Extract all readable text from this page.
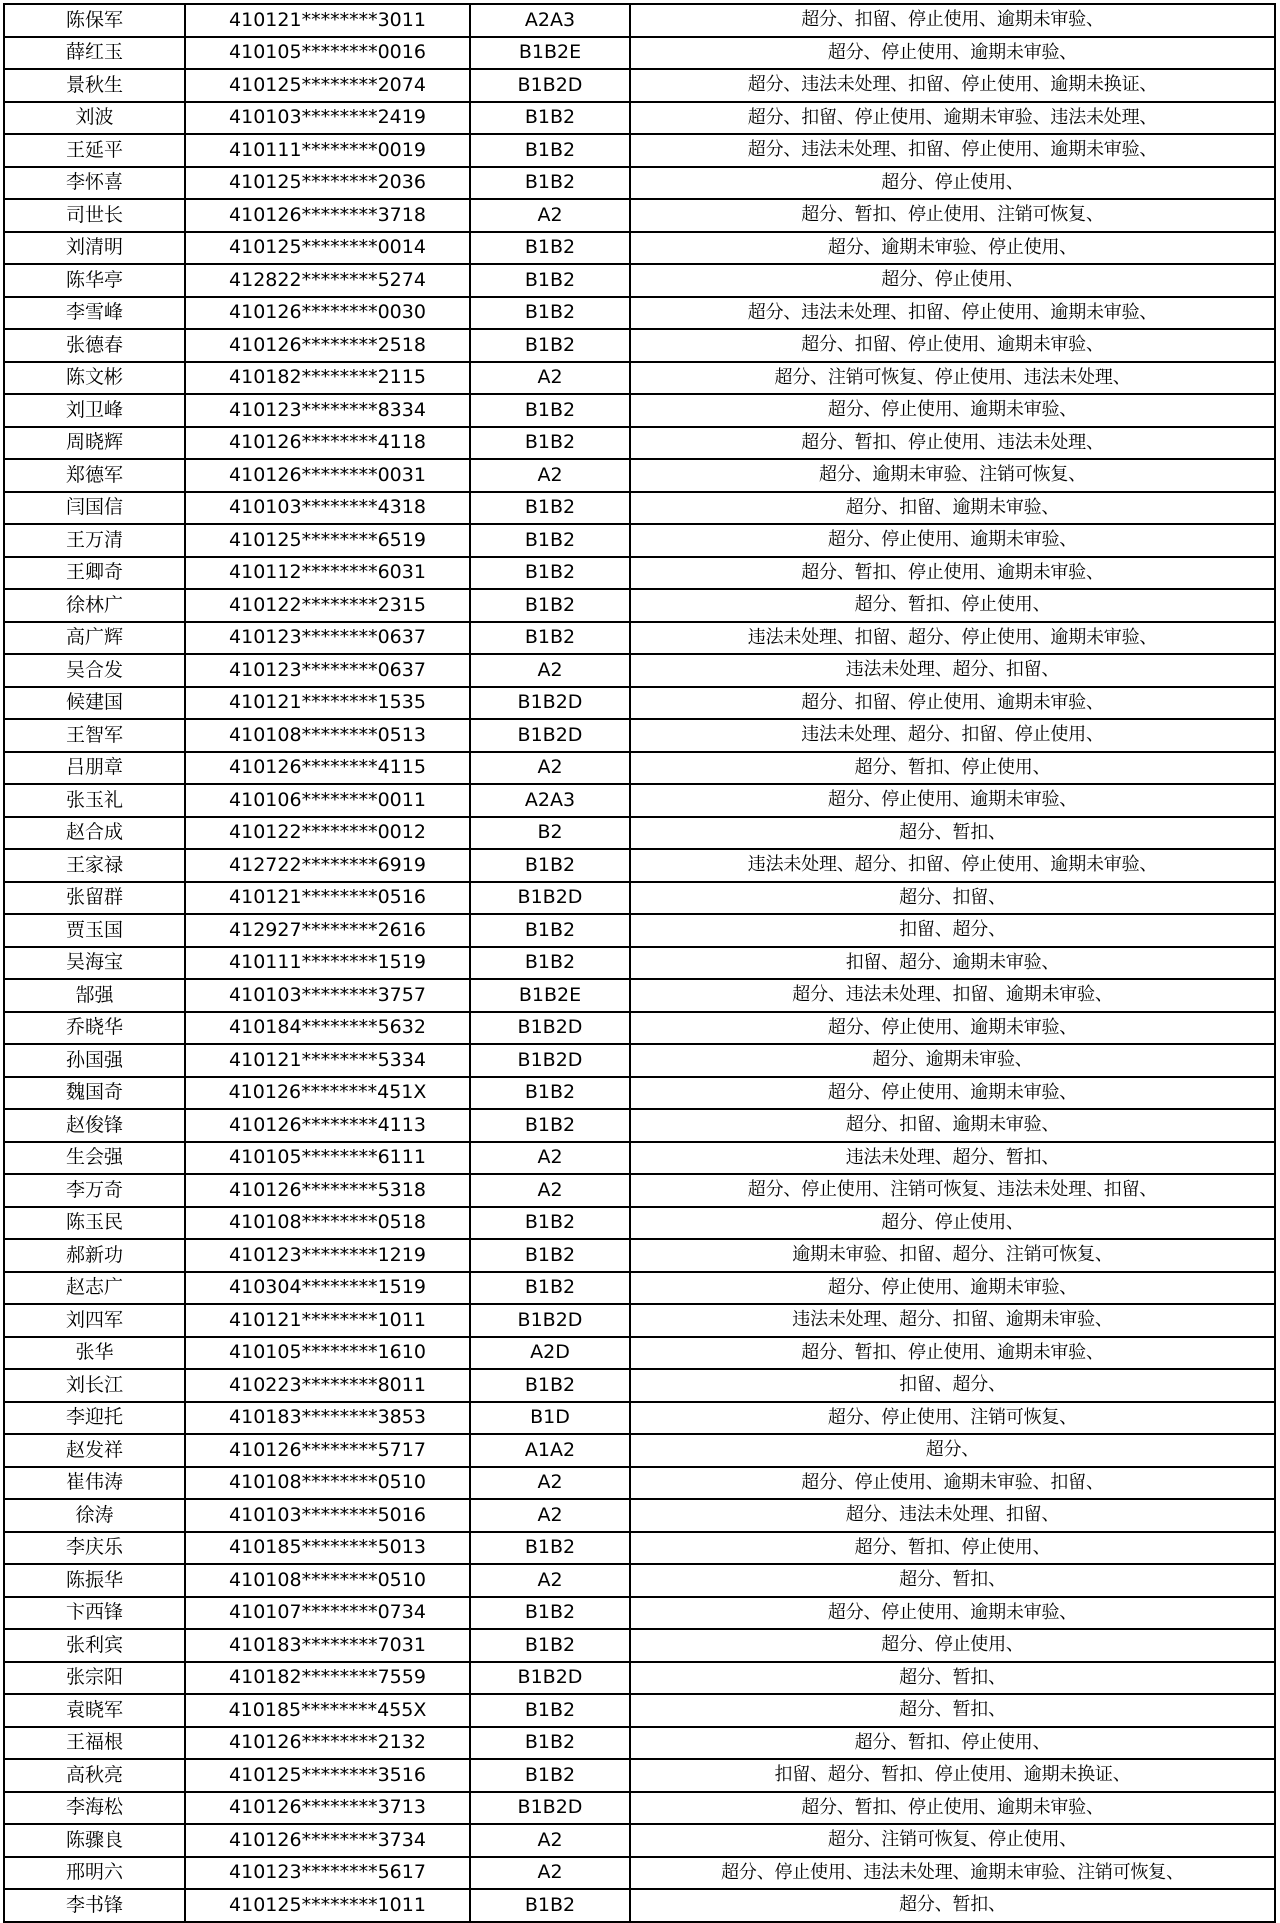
陈保军	410121********3011	A2A3	超分、扣留、停止使用、逾期未审验、
薛红玉	410105********0016	B1B2E	超分、停止使用、逾期未审验、
景秋生	410125********2074	B1B2D	超分、违法未处理、扣留、停止使用、逾期未换证、
刘波	410103********2419	B1B2	超分、扣留、停止使用、逾期未审验、违法未处理、
王延平	410111********0019	B1B2	超分、违法未处理、扣留、停止使用、逾期未审验、
李怀喜	410125********2036	B1B2	超分、停止使用、
司世长	410126********3718	A2	超分、暂扣、停止使用、注销可恢复、
刘清明	410125********0014	B1B2	超分、逾期未审验、停止使用、
陈华亭	412822********5274	B1B2	超分、停止使用、
李雪峰	410126********0030	B1B2	超分、违法未处理、扣留、停止使用、逾期未审验、
张德春	410126********2518	B1B2	超分、扣留、停止使用、逾期未审验、
陈文彬	410182********2115	A2	超分、注销可恢复、停止使用、违法未处理、
刘卫峰	410123********8334	B1B2	超分、停止使用、逾期未审验、
周晓辉	410126********4118	B1B2	超分、暂扣、停止使用、违法未处理、
郑德军	410126********0031	A2	超分、逾期未审验、注销可恢复、
闫国信	410103********4318	B1B2	超分、扣留、逾期未审验、
王万清	410125********6519	B1B2	超分、停止使用、逾期未审验、
王卿奇	410112********6031	B1B2	超分、暂扣、停止使用、逾期未审验、
徐林广	410122********2315	B1B2	超分、暂扣、停止使用、
高广辉	410123********0637	B1B2	违法未处理、扣留、超分、停止使用、逾期未审验、
吴合发	410123********0637	A2	违法未处理、超分、扣留、
候建国	410121********1535	B1B2D	超分、扣留、停止使用、逾期未审验、
王智军	410108********0513	B1B2D	违法未处理、超分、扣留、停止使用、
吕朋章	410126********4115	A2	超分、暂扣、停止使用、
张玉礼	410106********0011	A2A3	超分、停止使用、逾期未审验、
赵合成	410122********0012	B2	超分、暂扣、
王家禄	412722********6919	B1B2	违法未处理、超分、扣留、停止使用、逾期未审验、
张留群	410121********0516	B1B2D	超分、扣留、
贾玉国	412927********2616	B1B2	扣留、超分、
吴海宝	410111********1519	B1B2	扣留、超分、逾期未审验、
郜强	410103********3757	B1B2E	超分、违法未处理、扣留、逾期未审验、
乔晓华	410184********5632	B1B2D	超分、停止使用、逾期未审验、
孙国强	410121********5334	B1B2D	超分、逾期未审验、
魏国奇	410126********451X	B1B2	超分、停止使用、逾期未审验、
赵俊锋	410126********4113	B1B2	超分、扣留、逾期未审验、
生会强	410105********6111	A2	违法未处理、超分、暂扣、
李万奇	410126********5318	A2	超分、停止使用、注销可恢复、违法未处理、扣留、
陈玉民	410108********0518	B1B2	超分、停止使用、
郝新功	410123********1219	B1B2	逾期未审验、扣留、超分、注销可恢复、
赵志广	410304********1519	B1B2	超分、停止使用、逾期未审验、
刘四军	410121********1011	B1B2D	违法未处理、超分、扣留、逾期未审验、
张华	410105********1610	A2D	超分、暂扣、停止使用、逾期未审验、
刘长江	410223********8011	B1B2	扣留、超分、
李迎托	410183********3853	B1D	超分、停止使用、注销可恢复、
赵发祥	410126********5717	A1A2	超分、
崔伟涛	410108********0510	A2	超分、停止使用、逾期未审验、扣留、
徐涛	410103********5016	A2	超分、违法未处理、扣留、
李庆乐	410185********5013	B1B2	超分、暂扣、停止使用、
陈振华	410108********0510	A2	超分、暂扣、
卞西锋	410107********0734	B1B2	超分、停止使用、逾期未审验、
张利宾	410183********7031	B1B2	超分、停止使用、
张宗阳	410182********7559	B1B2D	超分、暂扣、
袁晓军	410185********455X	B1B2	超分、暂扣、
王福根	410126********2132	B1B2	超分、暂扣、停止使用、
高秋亮	410125********3516	B1B2	扣留、超分、暂扣、停止使用、逾期未换证、
李海松	410126********3713	B1B2D	超分、暂扣、停止使用、逾期未审验、
陈骤良	410126********3734	A2	超分、注销可恢复、停止使用、
邢明六	410123********5617	A2	超分、停止使用、违法未处理、逾期未审验、注销可恢复、
李书锋	410125********1011	B1B2	超分、暂扣、
